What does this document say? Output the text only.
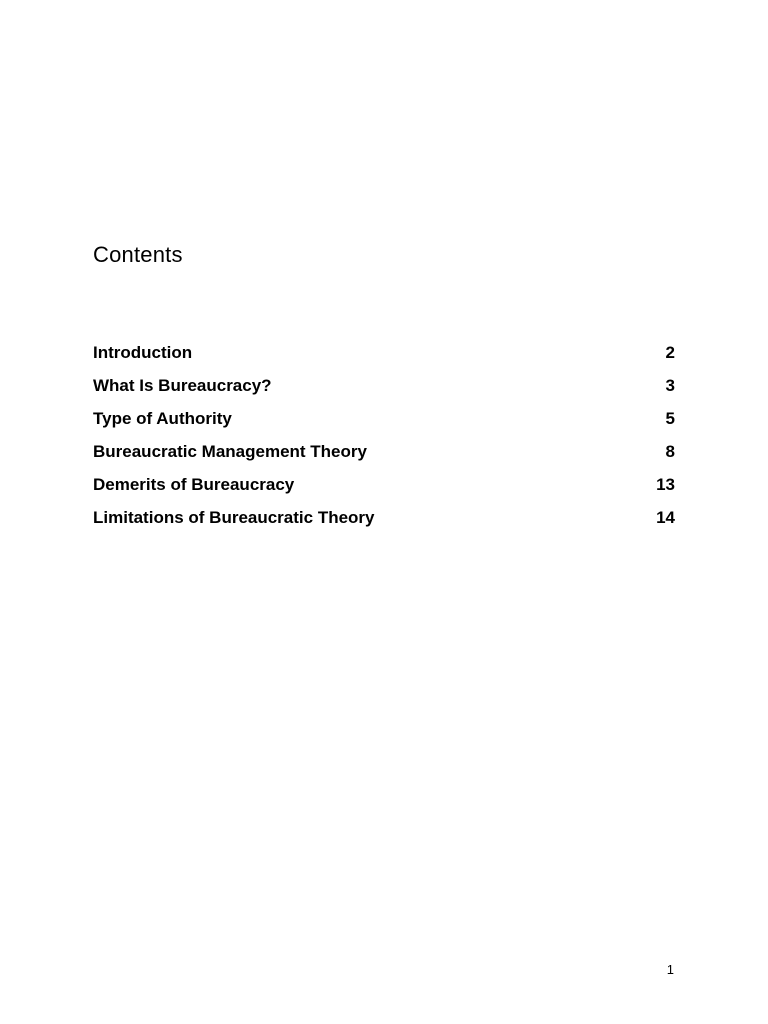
Contents
Introduction	2
What Is Bureaucracy?	3
Type of Authority	5
Bureaucratic Management Theory	8
Demerits of Bureaucracy	13
Limitations of Bureaucratic Theory	14
1
